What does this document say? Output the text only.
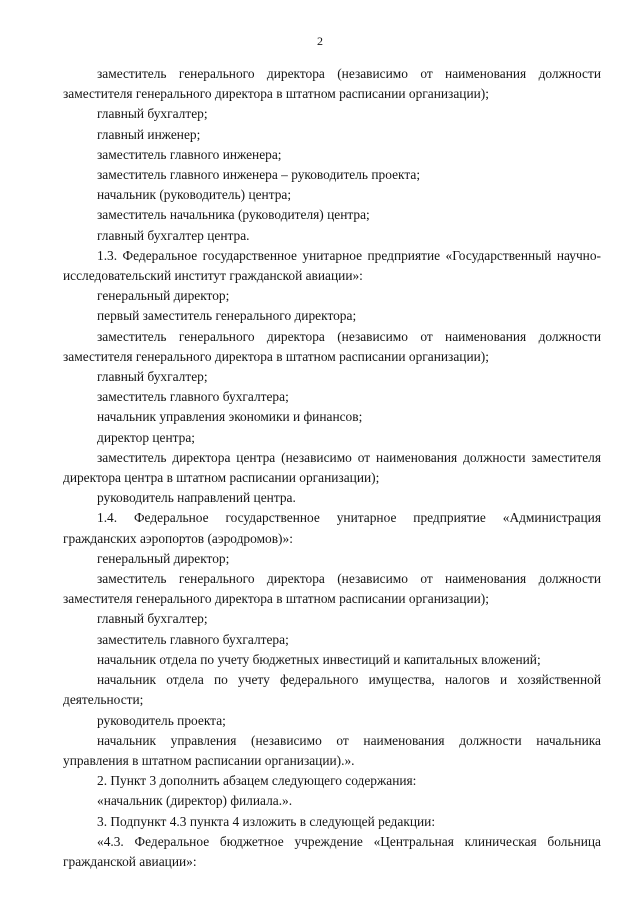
2

заместитель генерального директора (независимо от наименования должности заместителя генерального директора в штатном расписании организации);

главный бухгалтер;

главный инженер;

заместитель главного инженера;

заместитель главного инженера – руководитель проекта;

начальник (руководитель) центра;

заместитель начальника (руководителя) центра;

главный бухгалтер центра.

1.3. Федеральное государственное унитарное предприятие «Государственный научно-исследовательский институт гражданской авиации»:

генеральный директор;

первый заместитель генерального директора;

заместитель генерального директора (независимо от наименования должности заместителя генерального директора в штатном расписании организации);

главный бухгалтер;

заместитель главного бухгалтера;

начальник управления экономики и финансов;

директор центра;

заместитель директора центра (независимо от наименования должности заместителя директора центра в штатном расписании организации);

руководитель направлений центра.

1.4. Федеральное государственное унитарное предприятие «Администрация гражданских аэропортов (аэродромов)»:

генеральный директор;

заместитель генерального директора (независимо от наименования должности заместителя генерального директора в штатном расписании организации);

главный бухгалтер;

заместитель главного бухгалтера;

начальник отдела по учету бюджетных инвестиций и капитальных вложений;

начальник отдела по учету федерального имущества, налогов и хозяйственной деятельности;

руководитель проекта;

начальник управления (независимо от наименования должности начальника управления в штатном расписании организации).».

2. Пункт 3 дополнить абзацем следующего содержания:

«начальник (директор) филиала.».

3. Подпункт 4.3 пункта 4 изложить в следующей редакции:

«4.3. Федеральное бюджетное учреждение «Центральная клиническая больница гражданской авиации»:
